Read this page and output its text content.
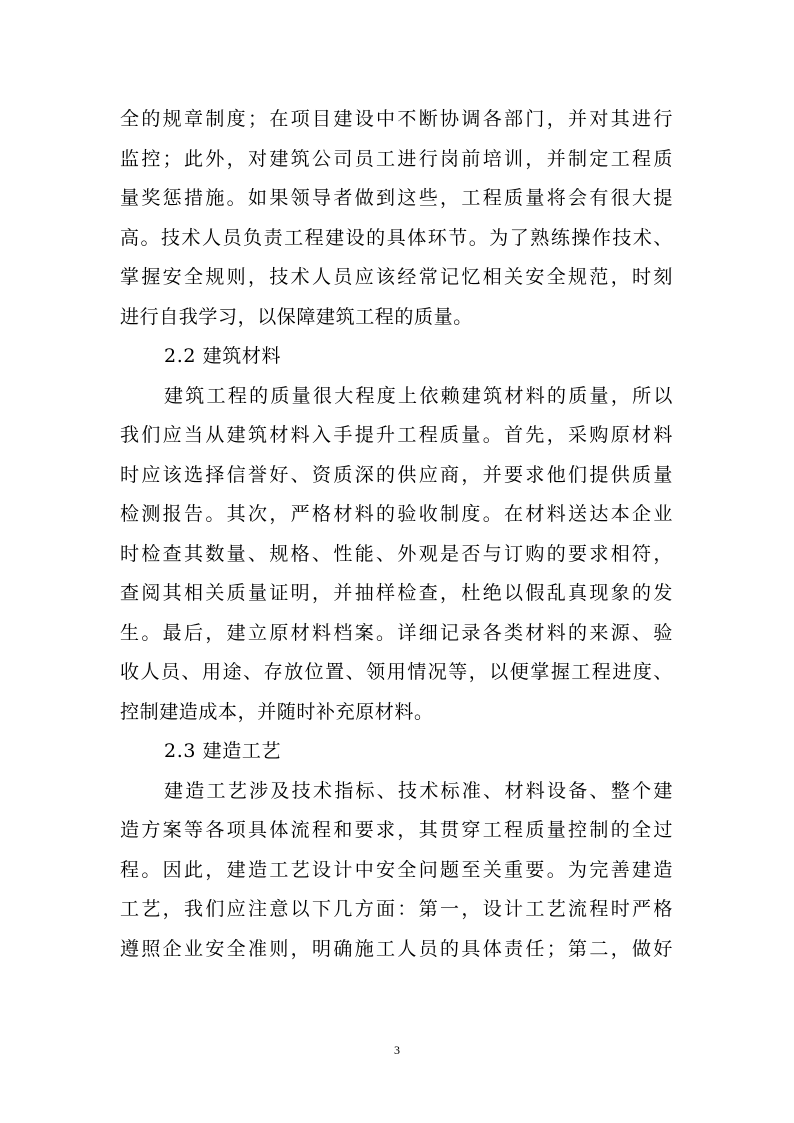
全的规章制度；在项目建设中不断协调各部门，并对其进行
监控；此外，对建筑公司员工进行岗前培训，并制定工程质
量奖惩措施。如果领导者做到这些，工程质量将会有很大提
高。技术人员负责工程建设的具体环节。为了熟练操作技术、
掌握安全规则，技术人员应该经常记忆相关安全规范，时刻
进行自我学习，以保障建筑工程的质量。
2.2 建筑材料
建筑工程的质量很大程度上依赖建筑材料的质量，所以
我们应当从建筑材料入手提升工程质量。首先，采购原材料
时应该选择信誉好、资质深的供应商，并要求他们提供质量
检测报告。其次，严格材料的验收制度。在材料送达本企业
时检查其数量、规格、性能、外观是否与订购的要求相符，
查阅其相关质量证明，并抽样检查，杜绝以假乱真现象的发
生。最后，建立原材料档案。详细记录各类材料的来源、验
收人员、用途、存放位置、领用情况等，以便掌握工程进度、
控制建造成本，并随时补充原材料。
2.3 建造工艺
建造工艺涉及技术指标、技术标准、材料设备、整个建
造方案等各项具体流程和要求，其贯穿工程质量控制的全过
程。因此，建造工艺设计中安全问题至关重要。为完善建造
工艺，我们应注意以下几方面：第一，设计工艺流程时严格
遵照企业安全准则，明确施工人员的具体责任；第二，做好
3
